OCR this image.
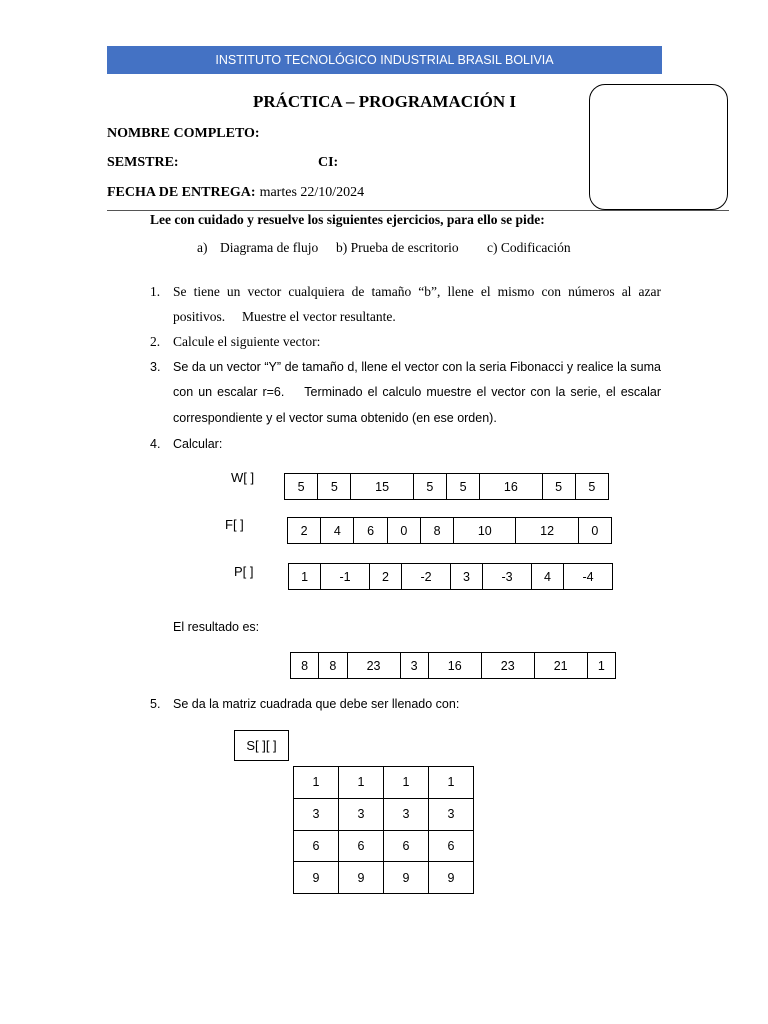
INSTITUTO TECNOLÓGICO INDUSTRIAL BRASIL BOLIVIA
PRÁCTICA – PROGRAMACIÓN I
NOMBRE COMPLETO:
SEMSTRE:	CI:
FECHA DE ENTREGA: martes 22/10/2024
Lee con cuidado y resuelve los siguientes ejercicios, para ello se pide:
a) Diagrama de flujo b) Prueba de escritorio c) Codificación
1. Se tiene un vector cualquiera de tamaño “b”, llene el mismo con números al azar
positivos.     Muestre el vector resultante.
2. Calcule el siguiente vector:
3.	Se da un vector “Y” de tamaño d, llene el vector con la seria Fibonacci y realice la suma
con un escalar r=6.    Terminado el calculo muestre el vector con la serie, el escalar
correspondiente y el vector suma obtenido (en ese orden).
4.	Calcular:
W[ ]
5	5	15	5	5	16	5	5
F[ ]	2	4	6	0	8	10	12	0
P[ ]	1	-1	2	-2	3	-3	4	-4
El resultado es:
8	8	23	3	16	23	21	1
5.	Se da la matriz cuadrada que debe ser llenado con:
S[ ][ ]
1	1	1	1
3	3	3	3
6	6	6	6
9	9	9	9
